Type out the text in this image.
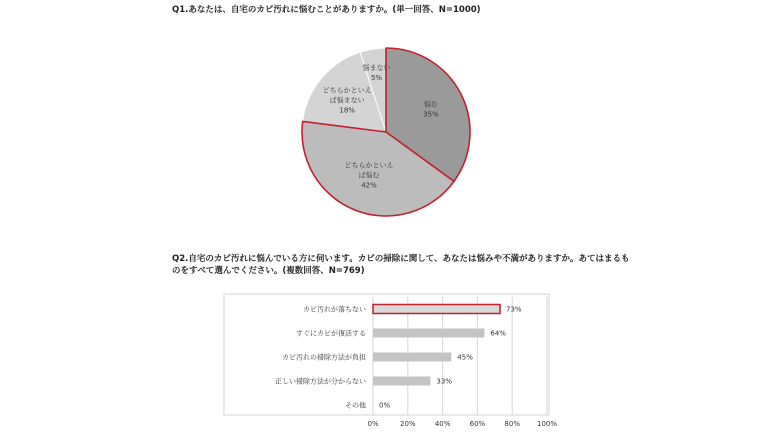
Q1.あなたは、自宅のカビ汚れに悩むことがありますか。(単一回答、N=1000)
Q2.自宅のカビ汚れに悩んでいる方に伺います。カビの掃除に関して、あなたは悩みや不満がありますか。あてはまるものをすべて選んでください。(複数回答、N=769)
悩む 35%
どちらかといえば悩む 42%
どちらかといえば悩まない 18%
悩まない 5%
0%	20%	40%	60%	80% 100%
カビ汚れが落ちない	73%
すぐにカビが復活する	64%
カビ汚れの掃除方法が負担	45%
正しい掃除方法が分からない	33%
その他 0%
